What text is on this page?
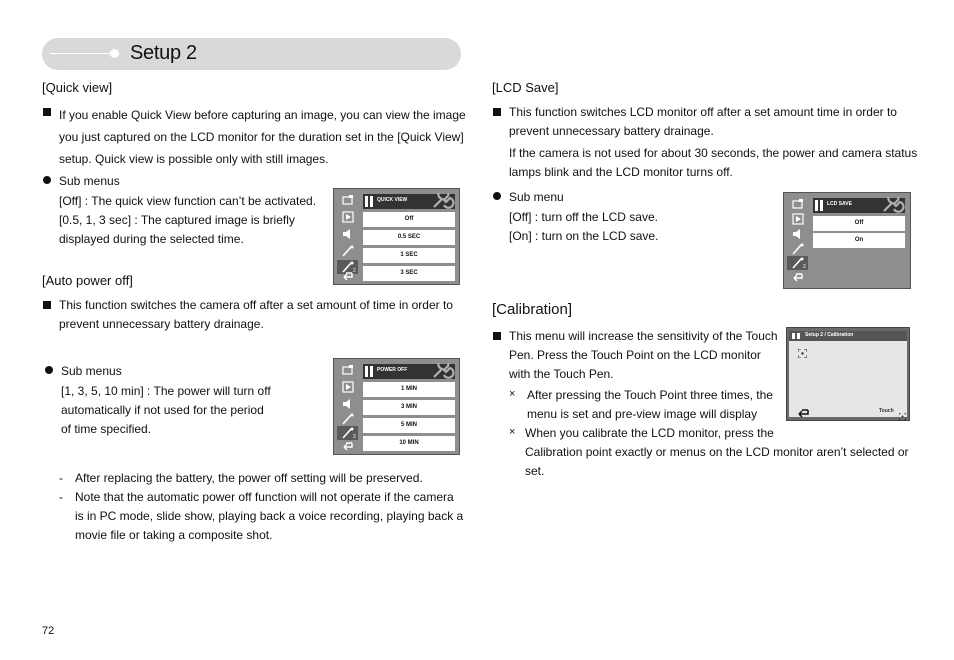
Setup 2
[Quick view]
If you enable Quick View before capturing an image, you can view the image
you just captured on the LCD monitor for the duration set in the [Quick View]
setup. Quick view is possible only with still images.
Sub menus
[Off] : The quick view function can’t be activated.
[0.5, 1, 3 sec] : The captured image is briefly
displayed during the selected time.
2
QUICK VIEW
Off
0.5 SEC
1 SEC
3 SEC
[Auto power off]
This function switches the camera off after a set amount of time in order to
prevent unnecessary battery drainage.
Sub menus
[1, 3, 5, 10 min] : The power will turn off
automatically if not used for the period
of time specified.
2
POWER OFF
1 MIN
3 MIN
5 MIN
10 MIN
- After replacing the battery, the power off setting will be preserved.
- Note that the automatic power off function will not operate if the camera
is in PC mode, slide show, playing back a voice recording, playing back a
movie file or taking a composite shot.
[LCD Save]
This function switches LCD monitor off after a set amount time in order to
prevent unnecessary battery drainage.
If the camera is not used for about 30 seconds, the power and camera status
lamps blink and the LCD monitor turns off.
Sub menu
[Off] : turn off the LCD save.
[On] : turn on the LCD save.
2
LCD SAVE
Off
On
[Calibration]
This menu will increase the sensitivity of the Touch
Pen. Press the Touch Point on the LCD monitor
with the Touch Pen.
× After pressing the Touch Point three times, the
menu is set and pre-view image will display
× When you calibrate the LCD monitor, press the
Calibration point exactly or menus on the LCD monitor aren’t selected or
set.
Setup 2 / Calibration
Touch
72
